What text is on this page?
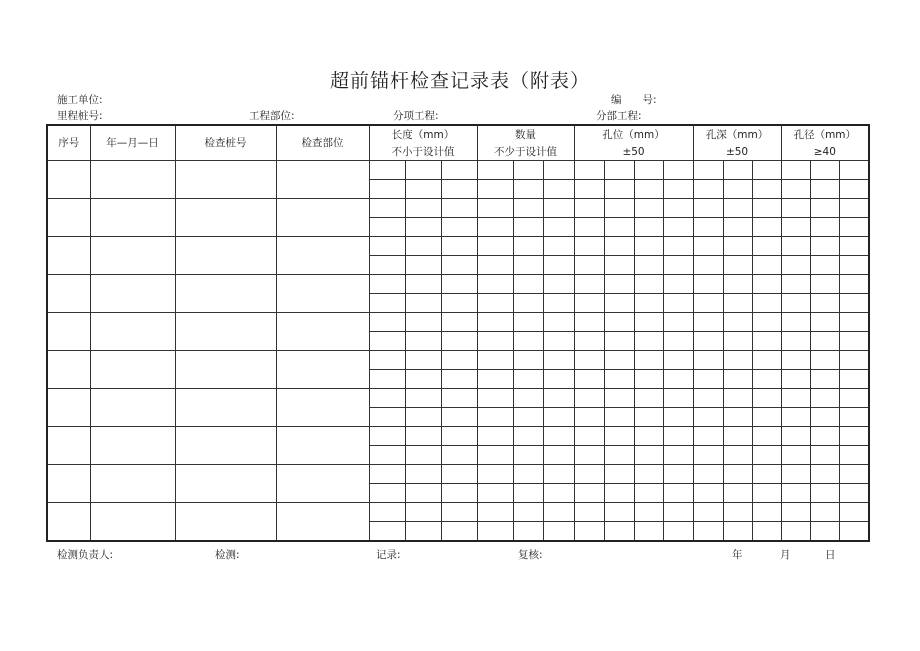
超前锚杆检查记录表（附表）
施工单位:	编　　号:
里程桩号:	工程部位:	分项工程:	分部工程:
序号	年—月—日	检查桩号	检查部位	长度（mm）			数量			孔位（mm）				孔深（mm）			孔径（mm）		
				不小于设计值			不少于设计值			±50				±50			≥40		

检测负责人:	检测:	记录:	复核:	年	月	日
